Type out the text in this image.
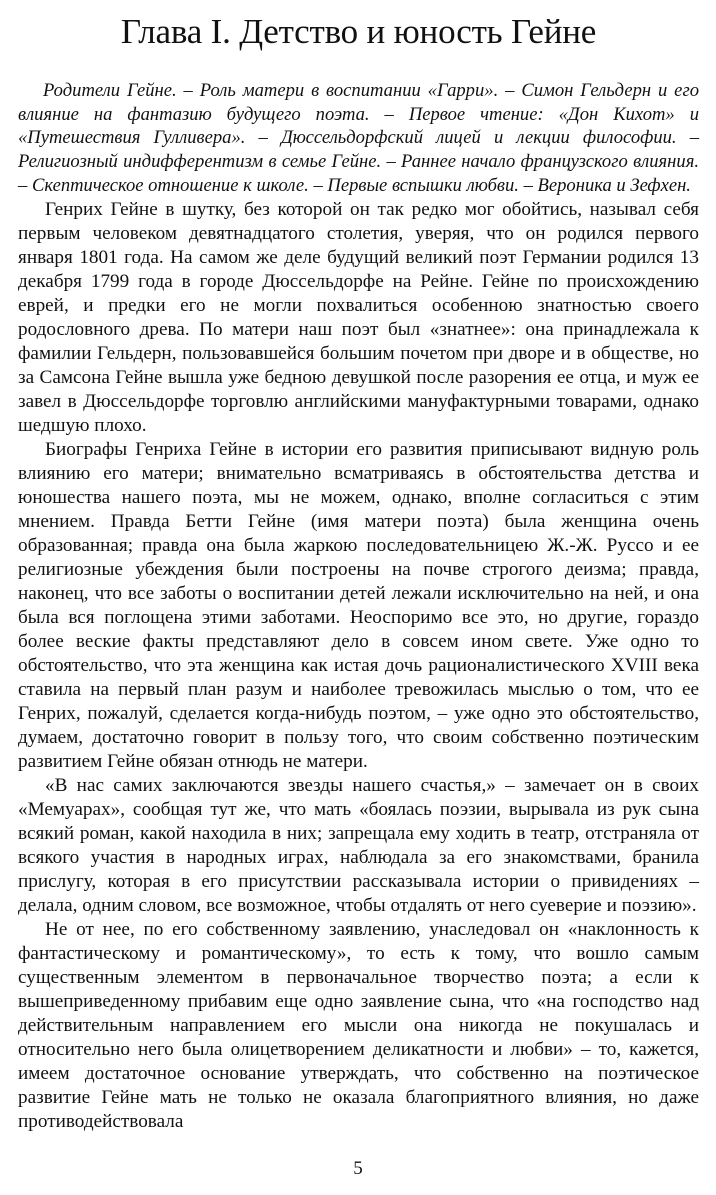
Глава I. Детство и юность Гейне

Родители Гейне. – Роль матери в воспитании «Гарри». – Симон Гельдерн и его влияние на фантазию будущего поэта. – Первое чтение: «Дон Кихот» и «Путешествия Гулливера». – Дюссельдорфский лицей и лекции философии. – Религиозный индифферентизм в семье Гейне. – Раннее начало французского влияния. – Скептическое отношение к школе. – Первые вспышки любви. – Вероника и Зефхен.

Генрих Гейне в шутку, без которой он так редко мог обойтись, называл себя первым человеком девятнадцатого столетия, уверяя, что он родился первого января 1801 года. На самом же деле будущий великий поэт Германии родился 13 декабря 1799 года в городе Дюссельдорфе на Рейне. Гейне по происхождению еврей, и предки его не могли похвалиться особенною знатностью своего родословного древа. По матери наш поэт был «знатнее»: она принадлежала к фамилии Гельдерн, пользовавшейся большим почетом при дворе и в обществе, но за Самсона Гейне вышла уже бедною девушкой после разорения ее отца, и муж ее завел в Дюссельдорфе торговлю английскими мануфактурными товарами, однако шедшую плохо.

Биографы Генриха Гейне в истории его развития приписывают видную роль влиянию его матери; внимательно всматриваясь в обстоятельства детства и юношества нашего поэта, мы не можем, однако, вполне согласиться с этим мнением. Правда Бетти Гейне (имя матери поэта) была женщина очень образованная; правда она была жаркою последовательницею Ж.-Ж. Руссо и ее религиозные убеждения были построены на почве строгого деизма; правда, наконец, что все заботы о воспитании детей лежали исключительно на ней, и она была вся поглощена этими заботами. Неоспоримо все это, но другие, гораздо более веские факты представляют дело в совсем ином свете. Уже одно то обстоятельство, что эта женщина как истая дочь рационалистического XVIII века ставила на первый план разум и наиболее тревожилась мыслью о том, что ее Генрих, пожалуй, сделается когда-нибудь поэтом, – уже одно это обстоятельство, думаем, достаточно говорит в пользу того, что своим собственно поэтическим развитием Гейне обязан отнюдь не матери.

«В нас самих заключаются звезды нашего счастья,» – замечает он в своих «Мемуарах», сообщая тут же, что мать «боялась поэзии, вырывала из рук сына всякий роман, какой находила в них; запрещала ему ходить в театр, отстраняла от всякого участия в народных играх, наблюдала за его знакомствами, бранила прислугу, которая в его присутствии рассказывала истории о привидениях – делала, одним словом, все возможное, чтобы отдалять от него суеверие и поэзию».

Не от нее, по его собственному заявлению, унаследовал он «наклонность к фантастическому и романтическому», то есть к тому, что вошло самым существенным элементом в первоначальное творчество поэта; а если к вышеприведенному прибавим еще одно заявление сына, что «на господство над действительным направлением его мысли она никогда не покушалась и относительно него была олицетворением деликатности и любви» – то, кажется, имеем достаточное основание утверждать, что собственно на поэтическое развитие Гейне мать не только не оказала благоприятного влияния, но даже противодействовала

5
